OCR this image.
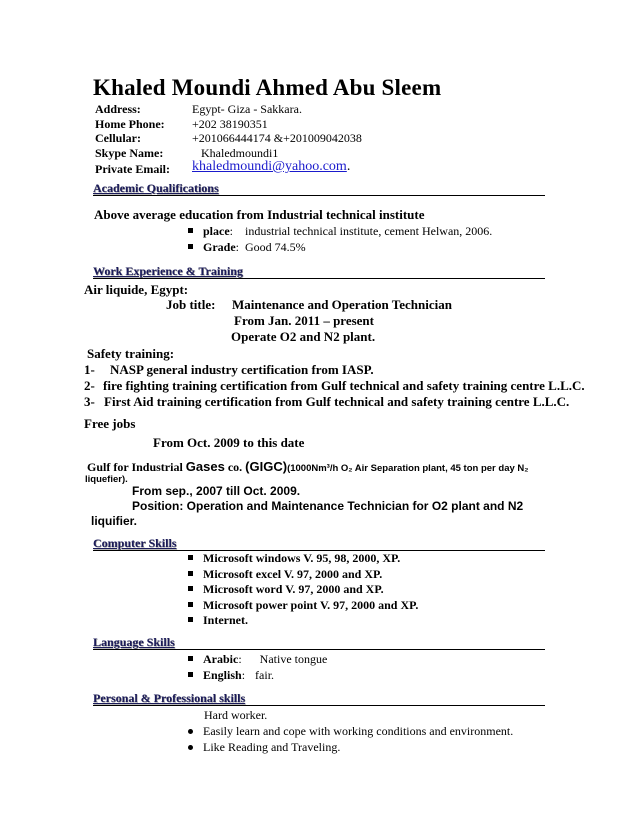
Khaled Moundi Ahmed Abu Sleem
Address:	Egypt- Giza - Sakkara.
Home Phone: +202 38190351
Cellular:	+201066444174 &+201009042038
Skype Name: Khaledmoundi1
Private Email: khaledmoundi@yahoo.com.
Academic Qualifications
Above average education from Industrial technical institute
place:    industrial technical institute, cement Helwan, 2006.
Grade:  Good 74.5%
Work Experience & Training
Air liquide, Egypt:
Job title: Maintenance and Operation Technician
From Jan. 2011 – present
Operate O2 and N2 plant.
Safety training:
1- NASP general industry certification from IASP.
2- fire fighting training certification from Gulf technical and safety training centre L.L.C.
3- First Aid training certification from Gulf technical and safety training centre L.L.C.
Free jobs
From Oct. 2009 to this date
Gulf for Industrial Gases co. (GIGC)(1000Nm³/h O₂ Air Separation plant, 45 ton per day N₂
liquefier).
From sep., 2007 till Oct. 2009.
Position: Operation and Maintenance Technician for O2 plant and N2
liquifier.
Computer Skills
Microsoft windows V. 95, 98, 2000, XP.
Microsoft excel V. 97, 2000 and XP.
Microsoft word V. 97, 2000 and XP.
Microsoft power point V. 97, 2000 and XP.
Internet.
Language Skills
Arabic: Native tongue
English: fair.
Personal & Professional skills
Hard worker.
Easily learn and cope with working conditions and environment.
Like Reading and Traveling.
